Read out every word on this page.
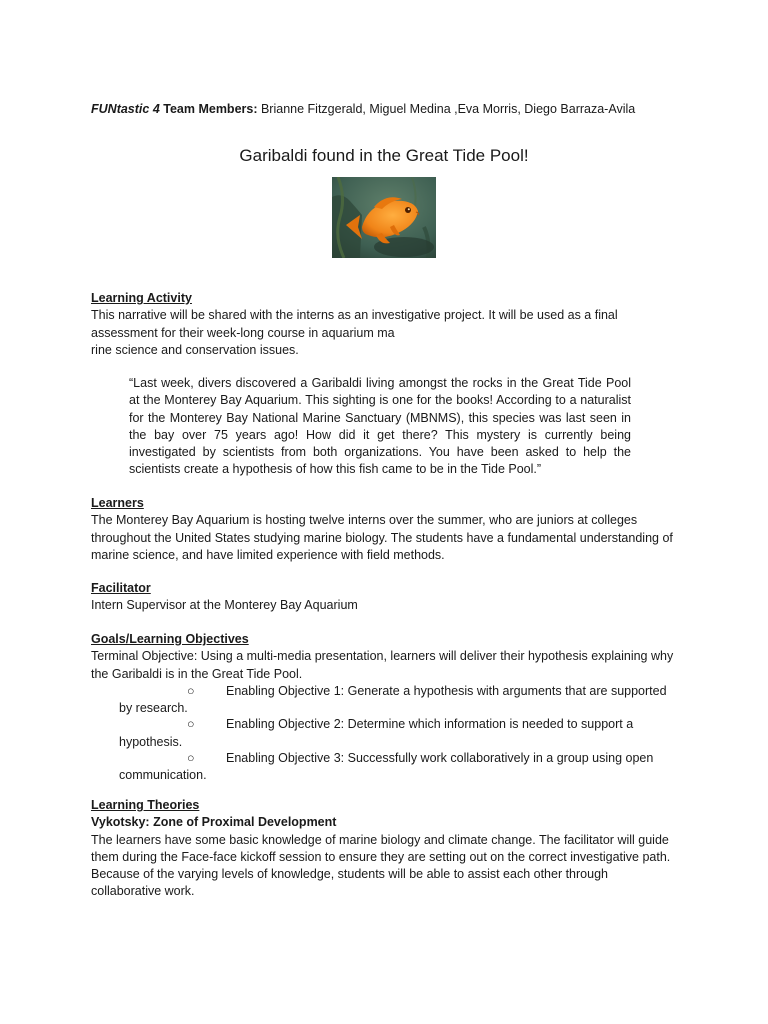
FUNtastic 4 Team Members: Brianne Fitzgerald, Miguel Medina ,Eva Morris, Diego Barraza-Avila
Garibaldi found in the Great Tide Pool!
Learning Activity
This narrative will be shared with the interns as an investigative project. It will be used as a final
assessment for their week-long course in aquarium ma
rine science and conservation issues.
“Last week, divers discovered a Garibaldi living amongst the rocks in the Great Tide Pool at the Monterey Bay Aquarium. This sighting is one for the books! According to a naturalist for the Monterey Bay National Marine Sanctuary (MBNMS), this species was last seen in the bay over 75 years ago! How did it get there? This mystery is currently being investigated by scientists from both organizations. You have been asked to help the scientists create a hypothesis of how this fish came to be in the Tide Pool.”
Learners
The Monterey Bay Aquarium is hosting twelve interns over the summer, who are juniors at colleges throughout the United States studying marine biology. The students have a fundamental understanding of marine science, and have limited experience with field methods.
Facilitator
Intern Supervisor at the Monterey Bay Aquarium
Goals/Learning Objectives
Terminal Objective: Using a multi-media presentation, learners will deliver their hypothesis explaining why the Garibaldi is in the Great Tide Pool.
○	Enabling Objective 1: Generate a hypothesis with arguments that are supported by research.
○	Enabling Objective 2: Determine which information is needed to support a hypothesis.
○	Enabling Objective 3: Successfully work collaboratively in a group using open communication.
Learning Theories
Vykotsky: Zone of Proximal Development
The learners have some basic knowledge of marine biology and climate change. The facilitator will guide them during the Face-face kickoff session to ensure they are setting out on the correct investigative path. Because of the varying levels of knowledge, students will be able to assist each other through collaborative work.
